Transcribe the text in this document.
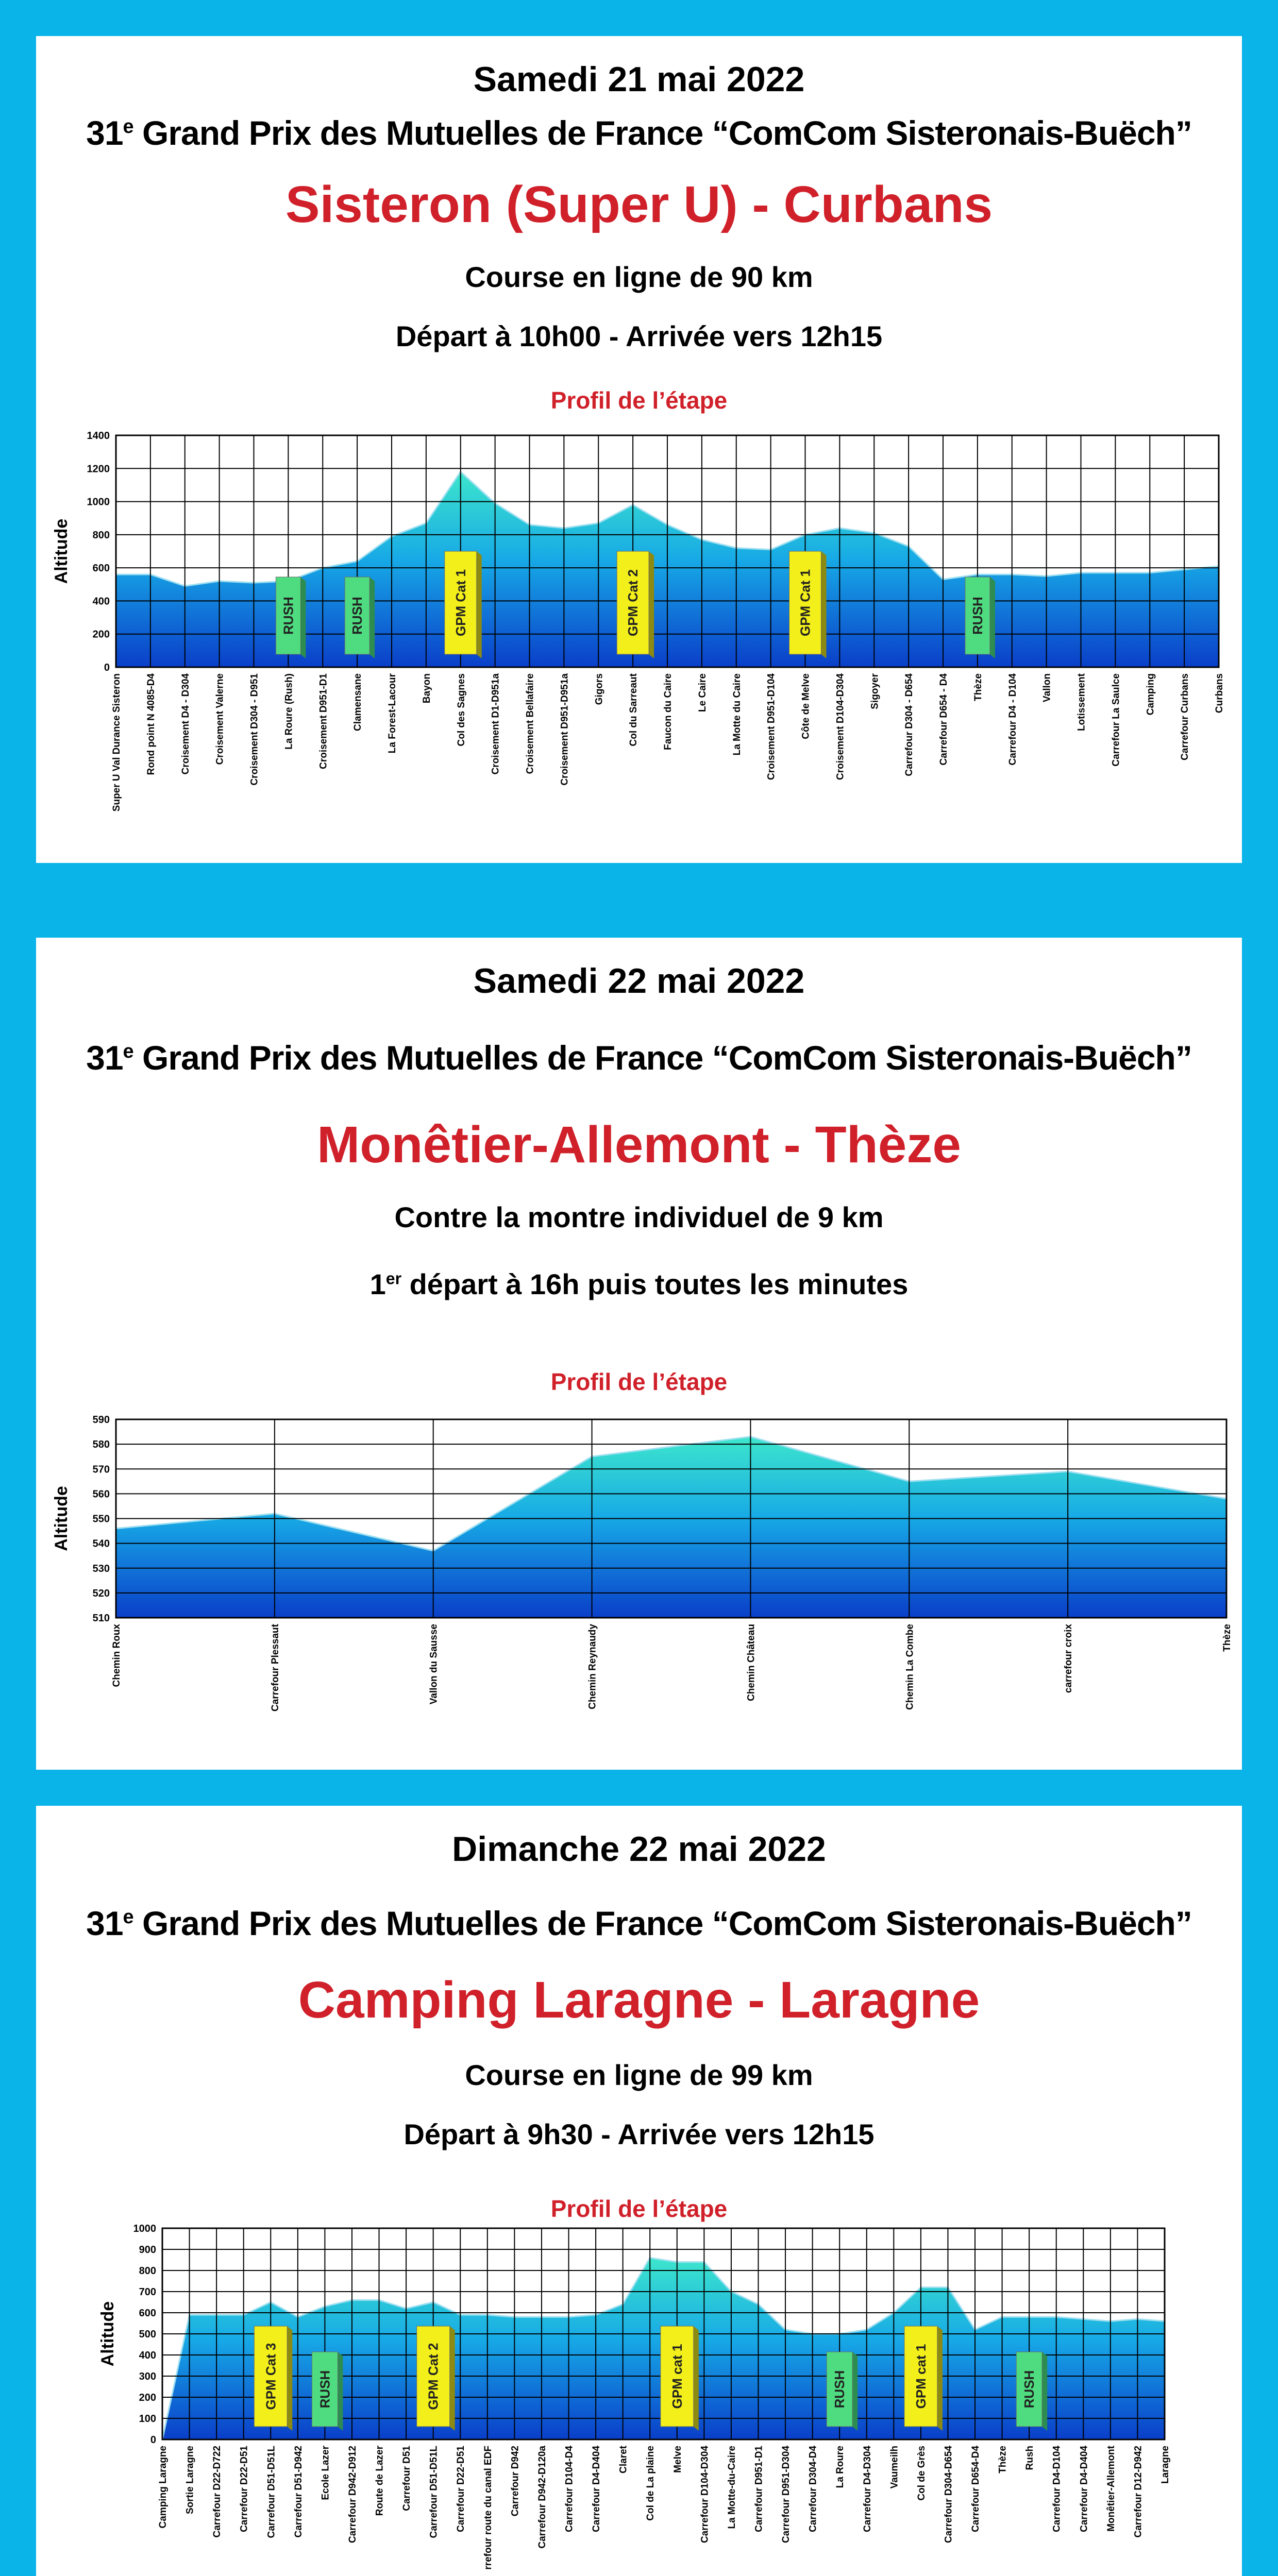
Samedi 21 mai 2022
31e Grand Prix des Mutuelles de France “ComCom Sisteronais-Buëch”
Sisteron (Super U) - Curbans
Course en ligne de 90 km
Départ à 10h00 - Arrivée vers 12h15
Profil de l’étape
0
200
400
600
800
1000
1200
1400
Super U Val Durance Sisteron Rond point N 4085-D4 Croisement D4 - D304 Croisement Valerne Croisement D304 - D951 La Roure (Rush) Croisement D951-D1 Clamensane La Forest-Lacour Bayon Col des Sagnes Croisement D1-D951a Croisement Bellafaire Croisement D951-D951a Gigors Col du Sarreaut Faucon du Caire Le Caire La Motte du Caire Croisement D951-D104 Côte de Melve Croisement D104-D304 Sigoyer Carrefour D304 - D654 Carrefour D654 - D4 Thèze Carrefour D4 - D104 Vallon Lotissement Carrefour La Saulce Camping Carrefour Curbans Curbans
Altitude
RUSH	RUSH	GPM Cat 1	GPM Cat 2	GPM Cat 1	RUSH
Samedi 22 mai 2022
31e Grand Prix des Mutuelles de France “ComCom Sisteronais-Buëch”
Monêtier-Allemont - Thèze
Contre la montre individuel de 9 km
1er départ à 16h puis toutes les minutes
Profil de l’étape
510
520
530
540
550
560
570
580
590
Chemin Roux	Carrefour Plessaut	Vallon du Sausse	Chemin Reynaudy	Chemin Château	Chemin La Combe	carrefour croix	Thèze
Altitude
Dimanche 22 mai 2022
31e Grand Prix des Mutuelles de France “ComCom Sisteronais-Buëch”
Camping Laragne - Laragne
Course en ligne de 99 km
Départ à 9h30 - Arrivée vers 12h15
Profil de l’étape
0
100
200
300
400
500
600
700
800
900
1000
Camping Laragne Sortie Laragne Carrefour D22-D722 Carrefour D22-D51 Carrefour D51-D51L Carrefour D51-D942 Ecole Lazer Carrefour D942-D912 Route de Lazer Carrefour D51 Carrefour D51-D51L Carrefour D22-D51 rrefour route du canal EDF Carrefour D942 Carrefour D942-D120a Carrefour D104-D4 Carrefour D4-D404 Claret Col de La plaine Melve Carrefour D104-D304 La Motte-du-Caire Carrefour D951-D1 Carrefour D951-D304 Carrefour D304-D4 La Roure Carrefour D4-D304 Vaumeilh Col de Grès Carrefour D304-D654 Carrefour D654-D4 Thèze Rush Carrefour D4-D104 Carrefour D4-D404 Monêtier-Allemont Carrefour D12-D942 Laragne
Altitude
GPM Cat 3	RUSH	GPM Cat 2	GPM cat 1	RUSH	GPM cat 1	RUSH
